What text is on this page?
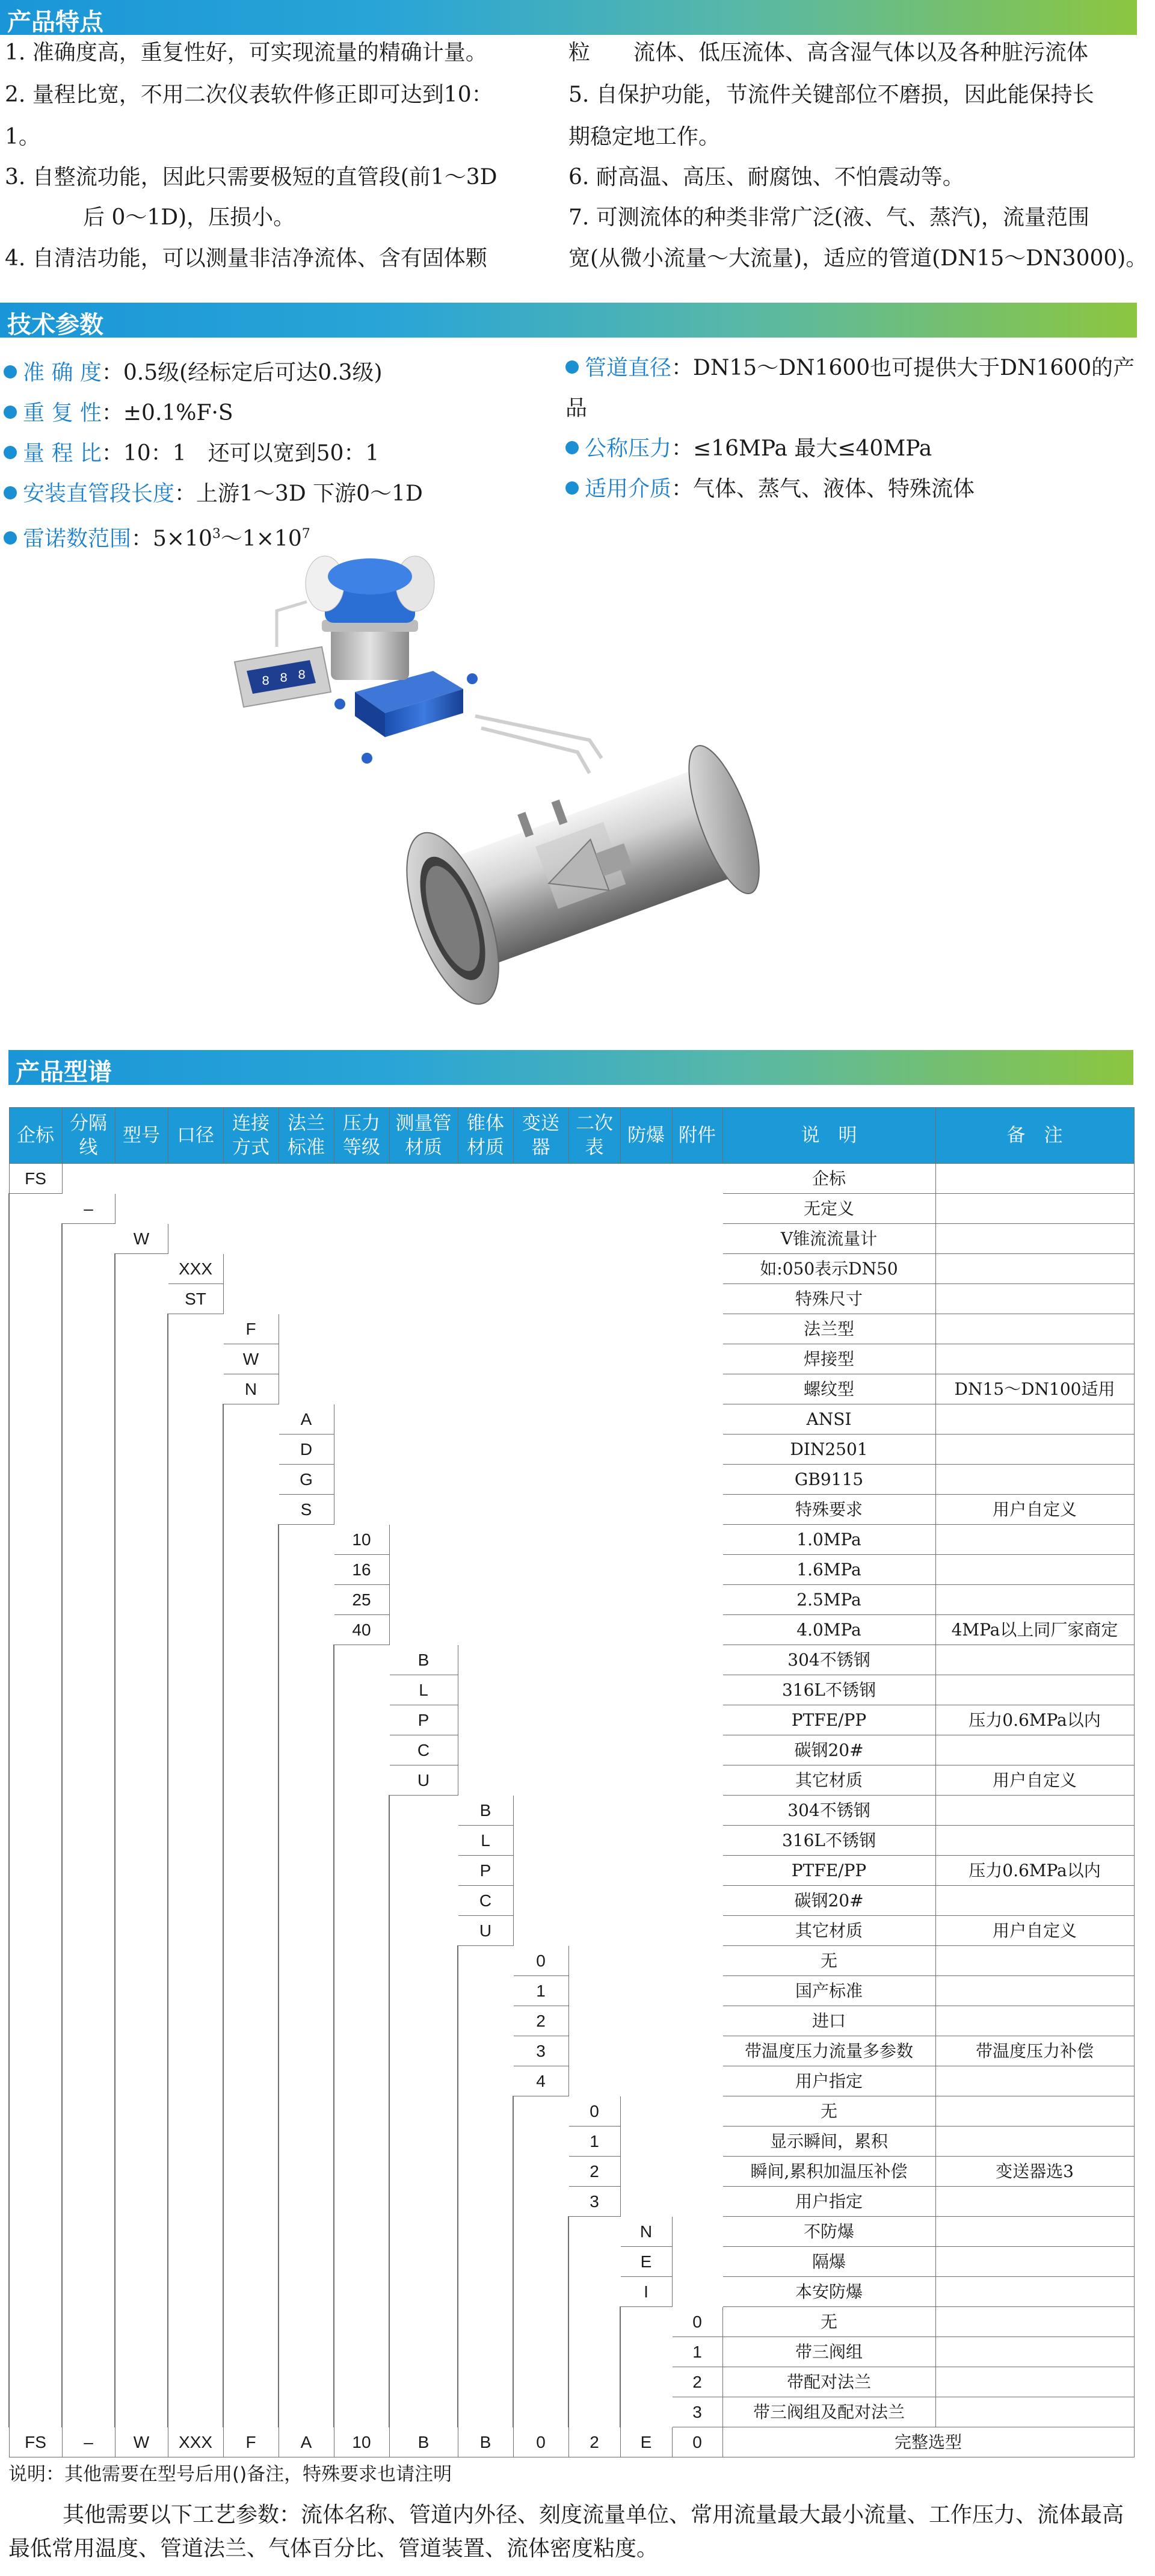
产品特点
1. 准确度高，重复性好，可实现流量的精确计量。
2. 量程比宽，不用二次仪表软件修正即可达到10：
1。
3. 自整流功能，因此只需要极短的直管段(前1～3D
后 0～1D)，压损小。
4. 自清洁功能，可以测量非洁净流体、含有固体颗
粒　　流体、低压流体、高含湿气体以及各种脏污流体
5. 自保护功能，节流件关键部位不磨损，因此能保持长
期稳定地工作。
6. 耐高温、高压、耐腐蚀、不怕震动等。
7. 可测流体的种类非常广泛(液、气、蒸汽)，流量范围
宽(从微小流量～大流量)，适应的管道(DN15～DN3000)。
技术参数
准 确 度：0.5级(经标定后可达0.3级)
重 复 性：±0.1%F·S
量 程 比：10：1　还可以宽到50：1
安装直管段长度：上游1～3D 下游0～1D
雷诺数范围：$5\times 10^3\sim 1\times 10^7$
管道直径：DN15～DN1600也可提供大于DN1600的产
品
公称压力：≤16MPa 最大≤40MPa
适用介质：气体、蒸气、液体、特殊流体
8 8 8
产品型谱
企标	分隔线	型号	口径	连接方式	法兰标准	压力等级	测量管材质	锥体材质	变送器	二次表	防爆	附件	说　明	备　注
FS													企标	
	–												无定义	
		W											V锥流流量计	
			XXX										如:050表示DN50	
			ST										特殊尺寸	
				F									法兰型	
				W									焊接型	
				N									螺纹型	DN15～DN100适用
					A								ANSI	
					D								DIN2501	
					G								GB9115	
					S								特殊要求	用户自定义
						10							1.0MPa	
						16							1.6MPa	
						25							2.5MPa	
						40							4.0MPa	4MPa以上同厂家商定
							B						304不锈钢	
							L						316L不锈钢	
							P						PTFE/PP	压力0.6MPa以内
							C						碳钢20#	
							U						其它材质	用户自定义
								B					304不锈钢	
								L					316L不锈钢	
								P					PTFE/PP	压力0.6MPa以内
								C					碳钢20#	
								U					其它材质	用户自定义
									0				无	
									1				国产标准	
									2				进口	
									3				带温度压力流量多参数	带温度压力补偿
									4				用户指定	
										0			无	
										1			显示瞬间，累积	
										2			瞬间,累积加温压补偿	变送器选3
										3			用户指定	
											N		不防爆	
											E		隔爆	
											I		本安防爆	
												0	无	
												1	带三阀组	
												2	带配对法兰	
												3	带三阀组及配对法兰	
FS	–	W	XXX	F	A	10	B	B	0	2	E	0	完整选型	
说明：其他需要在型号后用()备注，特殊要求也请注明
其他需要以下工艺参数：流体名称、管道内外径、刻度流量单位、常用流量最大最小流量、工作压力、流体最高最低常用温度、管道法兰、气体百分比、管道装置、流体密度粘度。
